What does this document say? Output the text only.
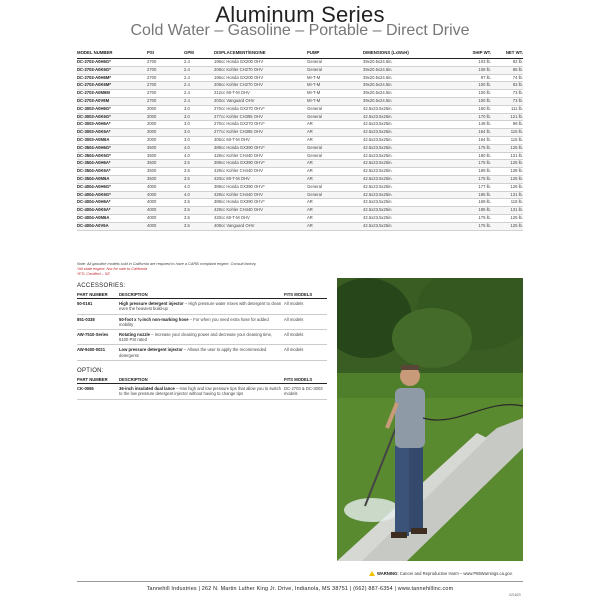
Aluminum Series
Cold Water – Gasoline – Portable – Direct Drive
MODEL NUMBER	PSI	GPM	DISPLACEMENT/ENGINE	PUMP	DIMENSIONS (LxWxH)	SHIP WT.	NET WT.
DC-2703-A0H6G*	2700	2.4	196cc Honda GX200 OHV	General	39x20.5x24.5in.	103 lb.	82 lb.
DC-2703-A0K6G*	2700	2.4	208cc Kohler CH270 OHV	General	39x20.5x24.5in.	108 lb.	85 lb.
DC-2703-A0H6M*	2700	2.4	196cc Honda GX200 OHV	MI-T-M	39x20.5x24.5in.	97 lb.	74 lb.
DC-2703-A0K6M*	2700	2.4	208cc Kohler CH270 OHV	MI-T-M	39x20.5x24.5in.	100 lb.	83 lb.
DC-2703-A0M6M	2700	2.4	212cc MI-T-M OHV	MI-T-M	39x20.5x24.5in.	100 lb.	73 lb.
DC-2703-A0V6M	2700	2.4	203cc Vanguard OHV	MI-T-M	39x20.5x24.5in.	100 lb.	73 lb.
DC-3003-A0H6G*	3000	3.0	270cc Honda GX270 OHV*	General	42.5x23.5x25in.	160 lb.	111 lb.
DC-3003-A0K6G*	3000	3.0	277cc Kohler CH395 OHV	General	42.5x23.5x25in.	170 lb.	121 lb.
DC-3003-A0H6A*	3000	3.0	270cc Honda GX270 OHV*	AR	42.5x23.5x25in.	148 lb.	99 lb.
DC-3003-A0K6A*	3000	3.0	277cc Kohler CH395 OHV	AR	42.5x23.5x25in.	164 lb.	115 lb.
DC-3003-A0M6A	3000	3.0	305cc MI-T-M OHV	AR	42.5x23.5x25in.	164 lb.	115 lb.
DC-3504-A0H6G*	3500	4.0	389cc Honda GX390 OHV*	General	42.5x23.5x25in.	175 lb.	125 lb.
DC-3504-A0K6G*	3500	4.0	429cc Kohler CH440 OHV	General	42.5x23.5x25in.	180 lb.	131 lb.
DC-3504-A0H6A*	3500	3.5	389cc Honda GX390 OHV*	AR	42.5x23.5x25in.	175 lb.	125 lb.
DC-3504-A0K6A*	3500	3.5	429cc Kohler CH440 OHV	AR	42.5x23.5x25in.	189 lb.	138 lb.
DC-3504-A0M6A	3500	3.5	420cc MI-T-M OHV	AR	42.5x23.5x25in.	175 lb.	125 lb.
DC-4004-A0H6G*	4000	4.0	389cc Honda GX390 OHV*	General	42.5x23.5x25in.	177 lb.	126 lb.
DC-4004-A0K6G*	4000	4.0	429cc Kohler CH440 OHV	General	42.5x23.5x25in.	185 lb.	131 lb.
DC-4004-A0H6A*	4000	3.5	389cc Honda GX390 OHV*	AR	42.5x23.5x25in.	169 lb.	118 lb.
DC-4004-A0K6A*	4000	3.5	429cc Kohler CH440 OHV	AR	42.5x23.5x25in.	185 lb.	131 lb.
DC-4004-A0M6A	4000	3.5	420cc MI-T-M OHV	AR	42.5x23.5x25in.	175 lb.	125 lb.
DC-4004-A0V6A	4000	3.5	408cc Vanguard OHV	AR	42.5x23.5x25in.	175 lb.	125 lb.
Note: All gasoline models sold in California are required to have a CARB compliant engine. Consult factory.
*All state engine. Not for sale to California
*ETL Certified – SE
ACCESSORIES:
PART NUMBER	DESCRIPTION	FITS MODELS
50-0161	High pressure detergent injector – High pressure water mixes with detergent to clean even the heaviest build-up	All models
851-0338	50-foot x ⅜-inch non-marking hose – For when you need extra hose for added mobility	All models
AW-7510-Series	Rotating nozzle – Increase your cleaning power and decrease your cleaning time, 5100 PSI rated	All models
AW-9400-0021	Low pressure detergent injector – Allows the user to apply the recommended detergents	All models
OPTION:
PART NUMBER	DESCRIPTION	FITS MODELS
CK-0065	36-inch insulated dual lance – Has high and low pressure tips that allow you to switch to the low pressure detergent injector without having to change tips	DC-2703 & DC-3003 models
WARNING: Cancer and Reproductive Harm – www.P65Warnings.ca.gov.
Tannehill Industries | 262 N. Martin Luther King Jr. Drive, Indianola, MS 38751 | (662) 887-6354 | www.tannehillinc.com
021820
